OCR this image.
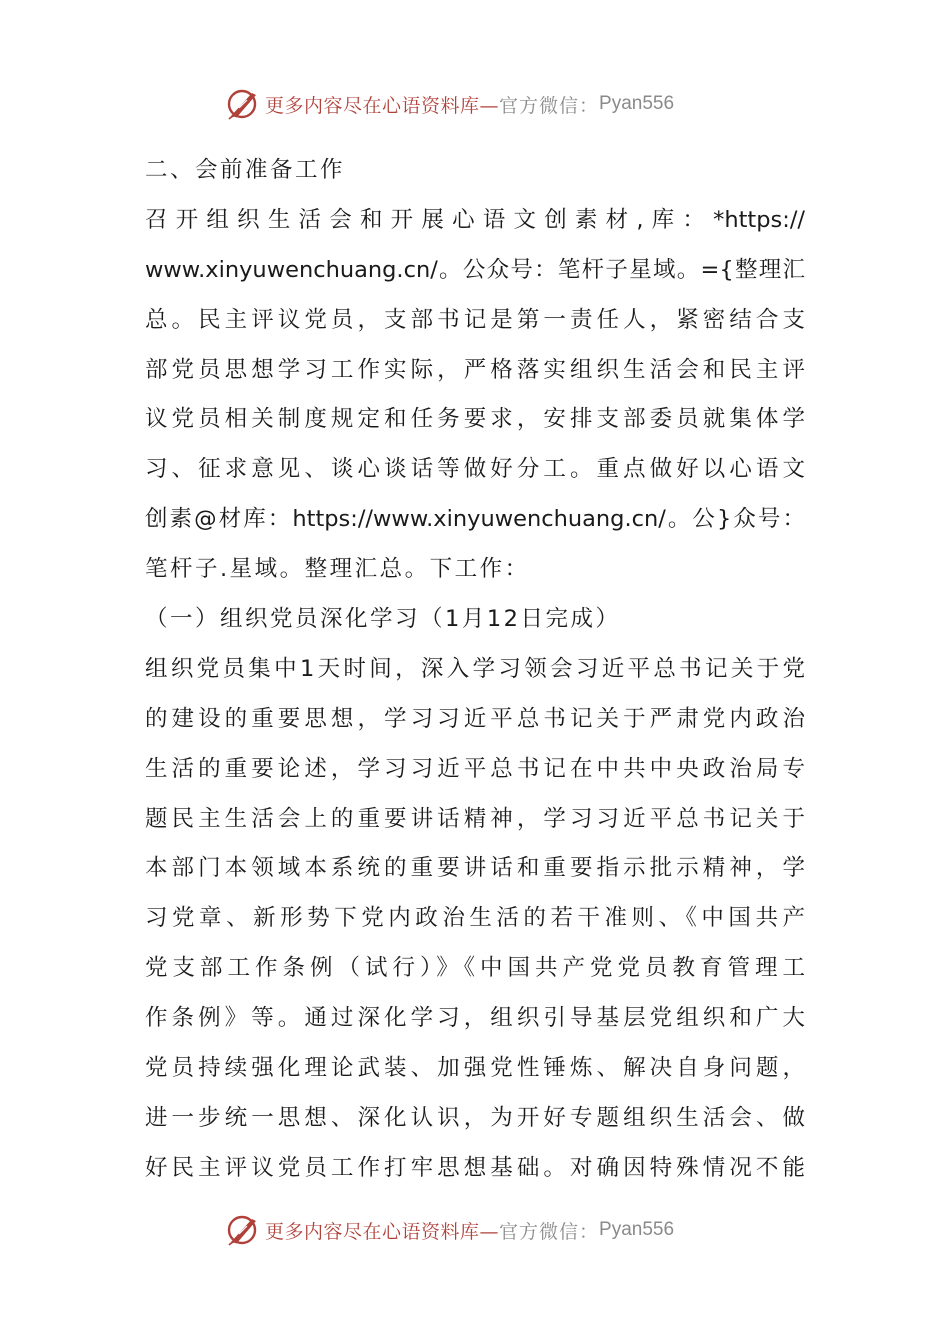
更多内容尽在心语资料库— 官方微信： Pyan556
二、会前准备工作
召开组织生活会和开展心语文创素材,库：*https://
www.xinyuwenchuang.cn/。公众号：笔杆子星域。={整理汇
总。民主评议党员，支部书记是第一责任人，紧密结合支
部党员思想学习工作实际，严格落实组织生活会和民主评
议党员相关制度规定和任务要求，安排支部委员就集体学
习、征求意见、谈心谈话等做好分工。重点做好以心语文
创素@材库：https://www.xinyuwenchuang.cn/。公}众号：
笔杆子.星域。整理汇总。下工作：
（一）组织党员深化学习（1月12日完成）
组织党员集中1天时间，深入学习领会习近平总书记关于党
的建设的重要思想，学习习近平总书记关于严肃党内政治
生活的重要论述，学习习近平总书记在中共中央政治局专
题民主生活会上的重要讲话精神，学习习近平总书记关于
本部门本领域本系统的重要讲话和重要指示批示精神，学
习党章、新形势下党内政治生活的若干准则、《中国共产
党支部工作条例（试行）》《中国共产党党员教育管理工
作条例》等。通过深化学习，组织引导基层党组织和广大
党员持续强化理论武装、加强党性锤炼、解决自身问题，
进一步统一思想、深化认识，为开好专题组织生活会、做
好民主评议党员工作打牢思想基础。对确因特殊情况不能
更多内容尽在心语资料库— 官方微信： Pyan556
